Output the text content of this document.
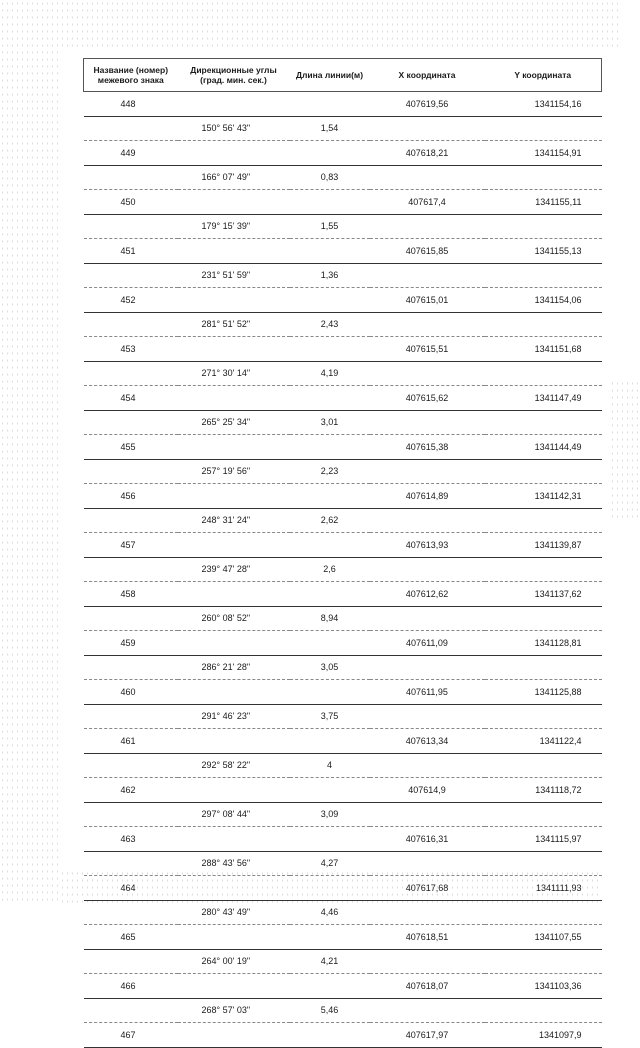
Название (номер) межевого знака	Дирекционные углы (град. мин. сек.)	Длина линии(м)	X координата	Y координата
448			407619,56	1341154,16
	150° 56' 43"	1,54		
449			407618,21	1341154,91
	166° 07' 49"	0,83		
450			407617,4	1341155,11
	179° 15' 39"	1,55		
451			407615,85	1341155,13
	231° 51' 59"	1,36		
452			407615,01	1341154,06
	281° 51' 52"	2,43		
453			407615,51	1341151,68
	271° 30' 14"	4,19		
454			407615,62	1341147,49
	265° 25' 34"	3,01		
455			407615,38	1341144,49
	257° 19' 56"	2,23		
456			407614,89	1341142,31
	248° 31' 24"	2,62		
457			407613,93	1341139,87
	239° 47' 28"	2,6		
458			407612,62	1341137,62
	260° 08' 52"	8,94		
459			407611,09	1341128,81
	286° 21' 28"	3,05		
460			407611,95	1341125,88
	291° 46' 23"	3,75		
461			407613,34	1341122,4
	292° 58' 22"	4		
462			407614,9	1341118,72
	297° 08' 44"	3,09		
463			407616,31	1341115,97
	288° 43' 56"	4,27		
464			407617,68	1341111,93
	280° 43' 49"	4,46		
465			407618,51	1341107,55
	264° 00' 19"	4,21		
466			407618,07	1341103,36
	268° 57' 03"	5,46		
467			407617,97	1341097,9
